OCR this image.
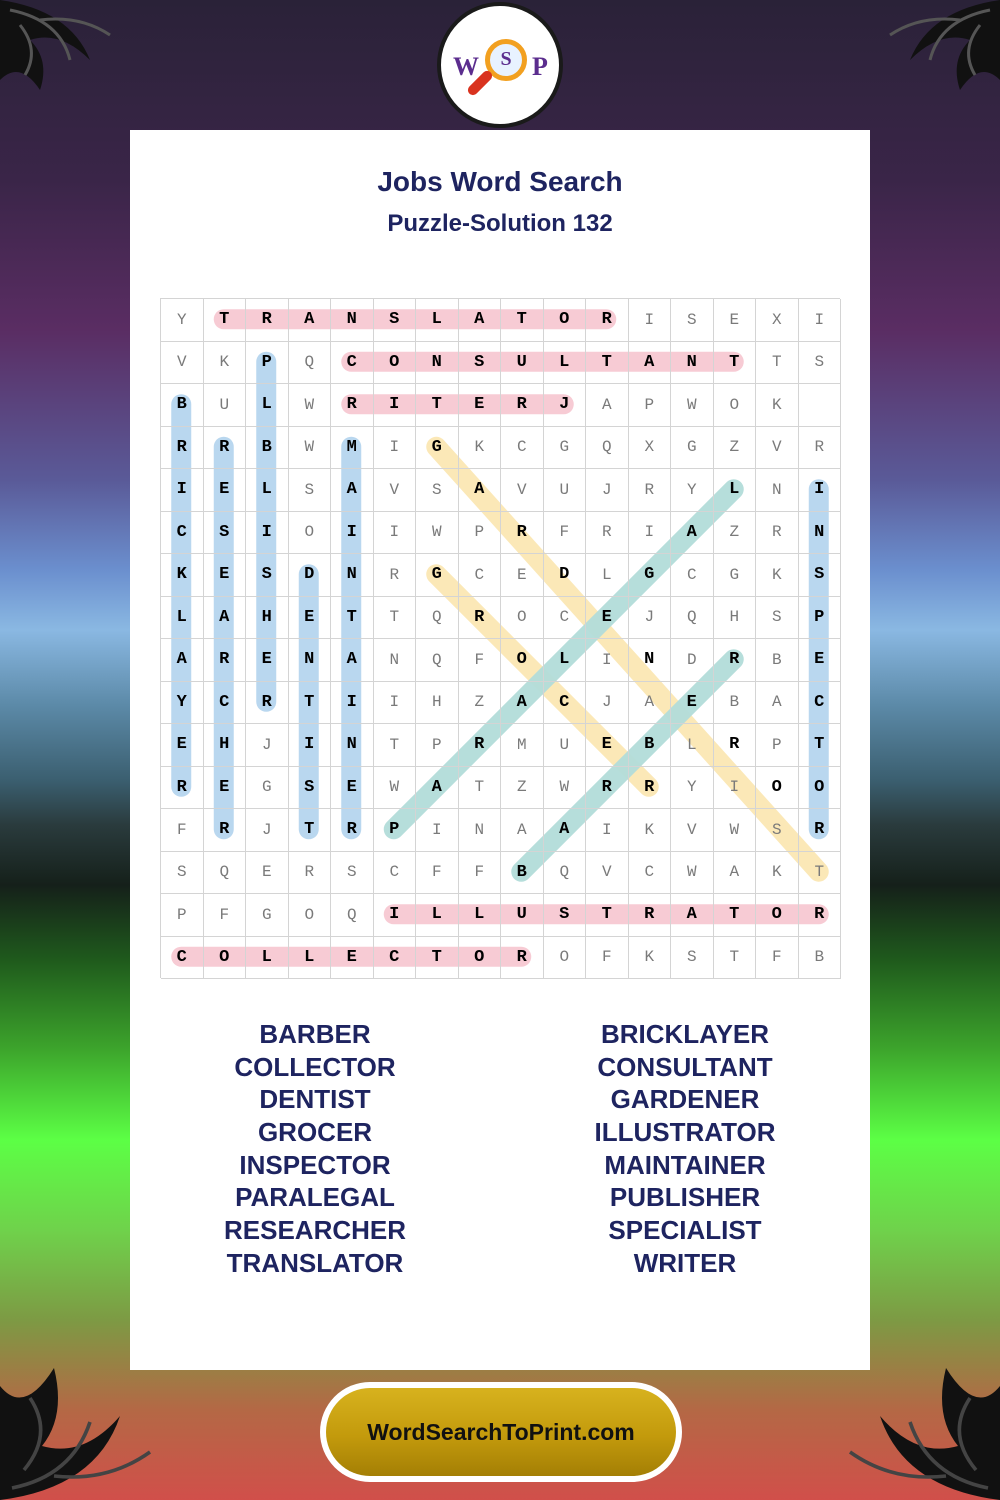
W	S P
Jobs Word Search
Puzzle-Solution 132
Y	T	R	A	N	S	L	A	T	O	R	I	S	E	X	I
V	K	P	Q	C	O	N	S	U	L	T	A	N	T	T	S
B	U	L	W	R	I	T	E	R	J	A	P	W	O	K
R	R	B	W	M	I	G	K	C	G	Q	X	G	Z	V	R
I	E	L	S	A	V	S	A	V	U	J	R	Y	L	N	I
C	S	I	O	I	I	W	P	R	F	R	I	A	Z	R	N
K	E	S	D	N	R	G	C	E	D	L	G	C	G	K	S
L	A	H	E	T	T	Q	R	O	C	E	J	Q	H	S	P
A	R	E	N	A	N	Q	F	O	L	I	N	D	R	B	E
Y	C	R	T	I	I	H	Z	A	C	J	A	E	B	A	C
E	H	J	I	N	T	P	R	M	U	E	B	L	R	P	T
R	E	G	S	E	W	A	T	Z	W	R	R	Y	I	O	O
F	R	J	T	R	P	I	N	A	A	I	K	V	W	S	R
S	Q	E	R	S	C	F	F	B	Q	V	C	W	A	K	T
P	F	G	O	Q	I	L	L	U	S	T	R	A	T	O	R
C	O	L	L	E	C	T	O	R	O	F	K	S	T	F	B
BARBER
COLLECTOR
DENTIST
GROCER
INSPECTOR
PARALEGAL
RESEARCHER
TRANSLATOR
BRICKLAYER
CONSULTANT
GARDENER
ILLUSTRATOR
MAINTAINER
PUBLISHER
SPECIALIST
WRITER
WordSearchToPrint.com
